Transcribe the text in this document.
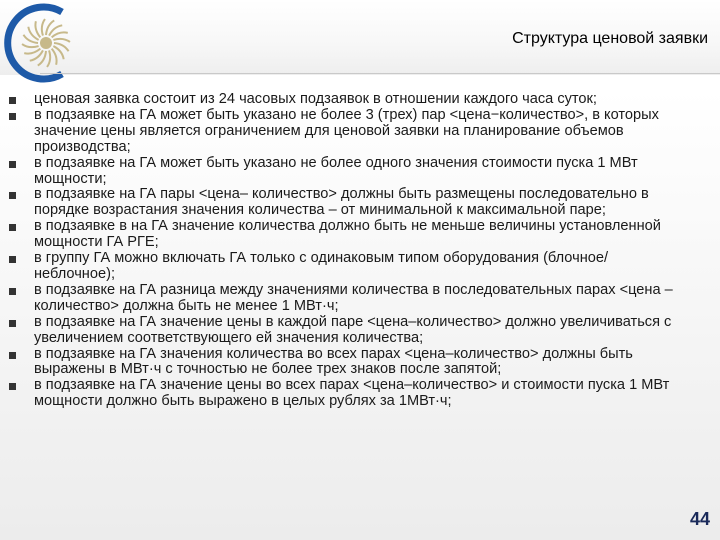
Структура ценовой заявки
ценовая заявка состоит из 24 часовых подзаявок в отношении каждого часа суток;
в подзаявке на ГА может быть указано не более 3 (трех) пар <цена−количество>, в которых значение цены является ограничением для ценовой заявки на планирование объемов производства;
в подзаявке на ГА может быть указано не более одного значения стоимости пуска 1 МВт мощности;
в подзаявке на ГА пары <цена– количество> должны быть размещены последовательно в порядке возрастания значения количества – от минимальной к максимальной паре;
в подзаявке в на ГА значение количества должно быть не меньше величины установленной мощности ГА РГЕ;
в группу ГА можно включать ГА только с одинаковым типом оборудования (блочное/неблочное);
в подзаявке на ГА разница между значениями количества в последовательных парах <цена – количество> должна быть не менее 1 МВт·ч;
в подзаявке на ГА значение цены в каждой паре <цена–количество> должно увеличиваться с увеличением соответствующего ей значения количества;
в подзаявке на ГА значения количества во всех парах <цена–количество> должны быть выражены в МВт·ч с точностью не более трех знаков после запятой;
в подзаявке на ГА значение цены во всех парах <цена–количество> и стоимости пуска 1 МВт мощности должно быть выражено в целых рублях за 1МВт·ч;
44
